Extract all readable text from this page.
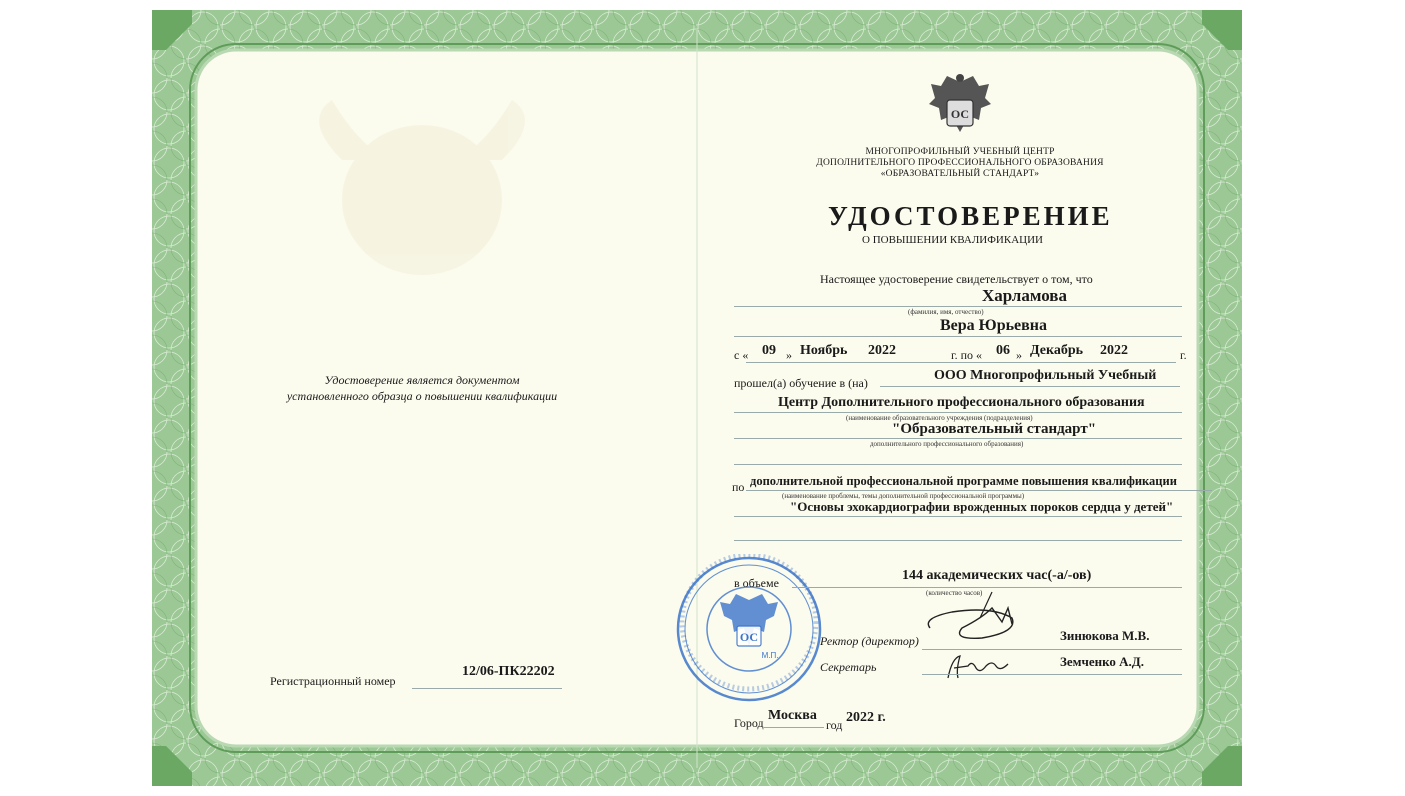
Удостоверение является документом
установленного образца о повышении квалификации
Регистрационный номер
12/06-ПК22202
ОС
МНОГОПРОФИЛЬНЫЙ УЧЕБНЫЙ ЦЕНТР
ДОПОЛНИТЕЛЬНОГО ПРОФЕССИОНАЛЬНОГО ОБРАЗОВАНИЯ
«ОБРАЗОВАТЕЛЬНЫЙ СТАНДАРТ»
УДОСТОВЕРЕНИЕ
О ПОВЫШЕНИИ КВАЛИФИКАЦИИ
Настоящее удостоверение свидетельствует о том, что
Харламова
(фамилия, имя, отчество)
Вера Юрьевна
с « 09 » Ноябрь 2022	г. по « 06 » Декабрь 2022	г.
прошел(а) обучение в (на)	ООО Многопрофильный Учебный
Центр Дополнительного профессионального образования
(наименование образовательного учреждения (подразделения)
"Образовательный стандарт"
дополнительного профессионального образования)
по дополнительной профессиональной программе повышения квалификации
(наименование проблемы, темы дополнительной профессиональной программы)
"Основы эхокардиографии врожденных пороков сердца у детей"
ОС
М.П.
в объеме	144 академических час(-а/-ов)
(количество часов)
Ректор (директор)	Зинюкова М.В.
Секретарь	Земченко А.Д.
Город Москва
год 2022 г.
